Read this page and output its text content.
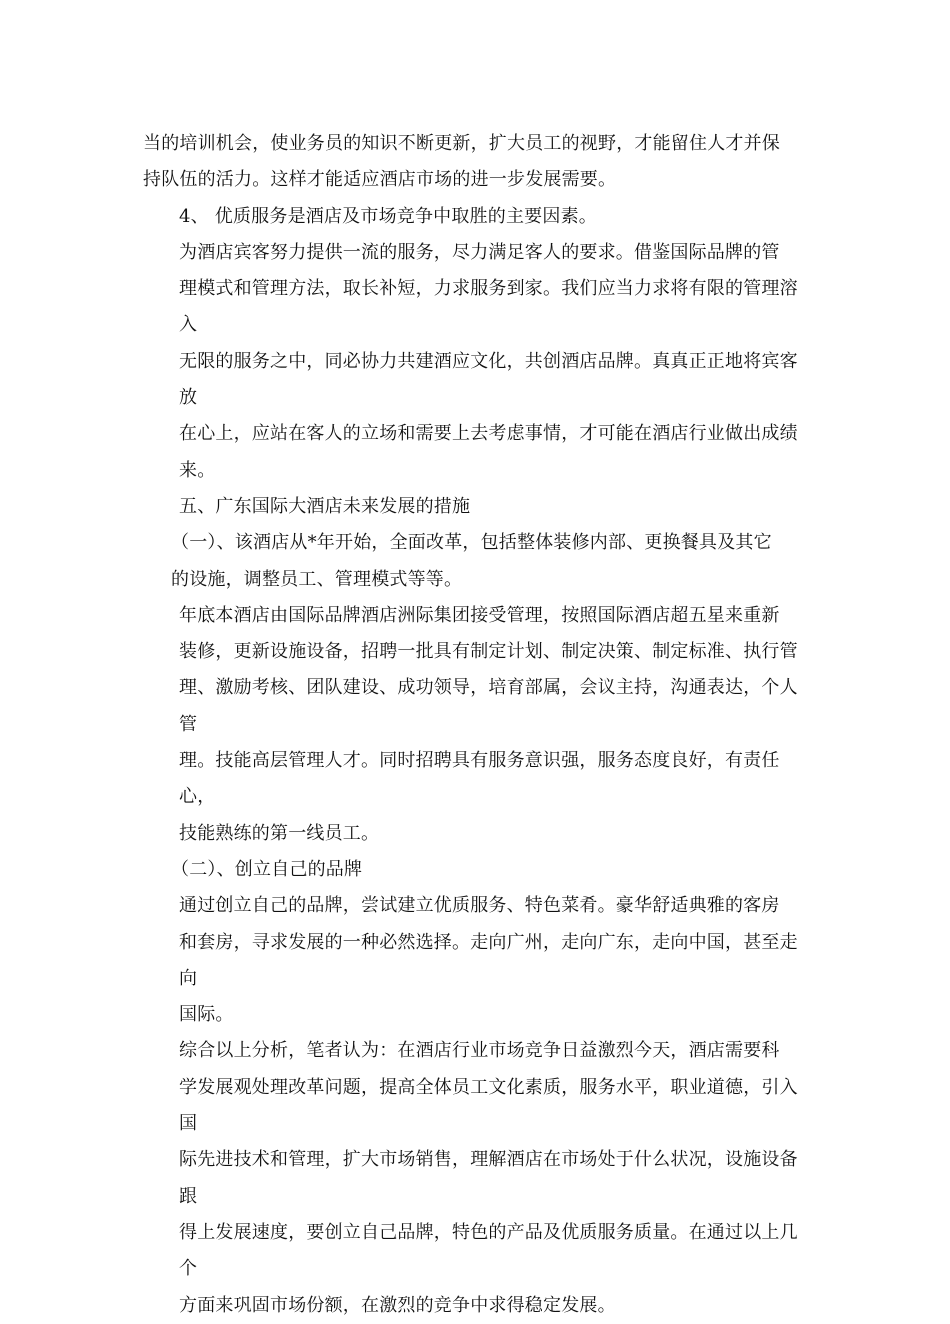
当的培训机会，使业务员的知识不断更新，扩大员工的视野，才能留住人才并保
持队伍的活力。这样才能适应酒店市场的进一步发展需要。

4、 优质服务是酒店及市场竞争中取胜的主要因素。

为酒店宾客努力提供一流的服务，尽力满足客人的要求。借鉴国际品牌的管
理模式和管理方法，取长补短，力求服务到家。我们应当力求将有限的管理溶入
无限的服务之中，同必协力共建酒应文化，共创酒店品牌。真真正正地将宾客放
在心上，应站在客人的立场和需要上去考虑事情，才可能在酒店行业做出成绩
来。

五、广东国际大酒店未来发展的措施

（一）、该酒店从*年开始，全面改革，包括整体装修内部、更换餐具及其它
的设施，调整员工、管理模式等等。

年底本酒店由国际品牌酒店洲际集团接受管理，按照国际酒店超五星来重新
装修，更新设施设备，招聘一批具有制定计划、制定决策、制定标准、执行管
理、激励考核、团队建设、成功领导，培育部属，会议主持，沟通表达，个人管
理。技能高层管理人才。同时招聘具有服务意识强，服务态度良好，有责任心，
技能熟练的第一线员工。

（二）、创立自己的品牌

通过创立自己的品牌，尝试建立优质服务、特色菜肴。豪华舒适典雅的客房
和套房，寻求发展的一种必然选择。走向广州，走向广东，走向中国，甚至走向
国际。

综合以上分析，笔者认为：在酒店行业市场竞争日益激烈今天，酒店需要科
学发展观处理改革问题，提高全体员工文化素质，服务水平，职业道德，引入国
际先进技术和管理，扩大市场销售，理解酒店在市场处于什么状况，设施设备跟
得上发展速度，要创立自己品牌，特色的产品及优质服务质量。在通过以上几个
方面来巩固市场份额，在激烈的竞争中求得稳定发展。
